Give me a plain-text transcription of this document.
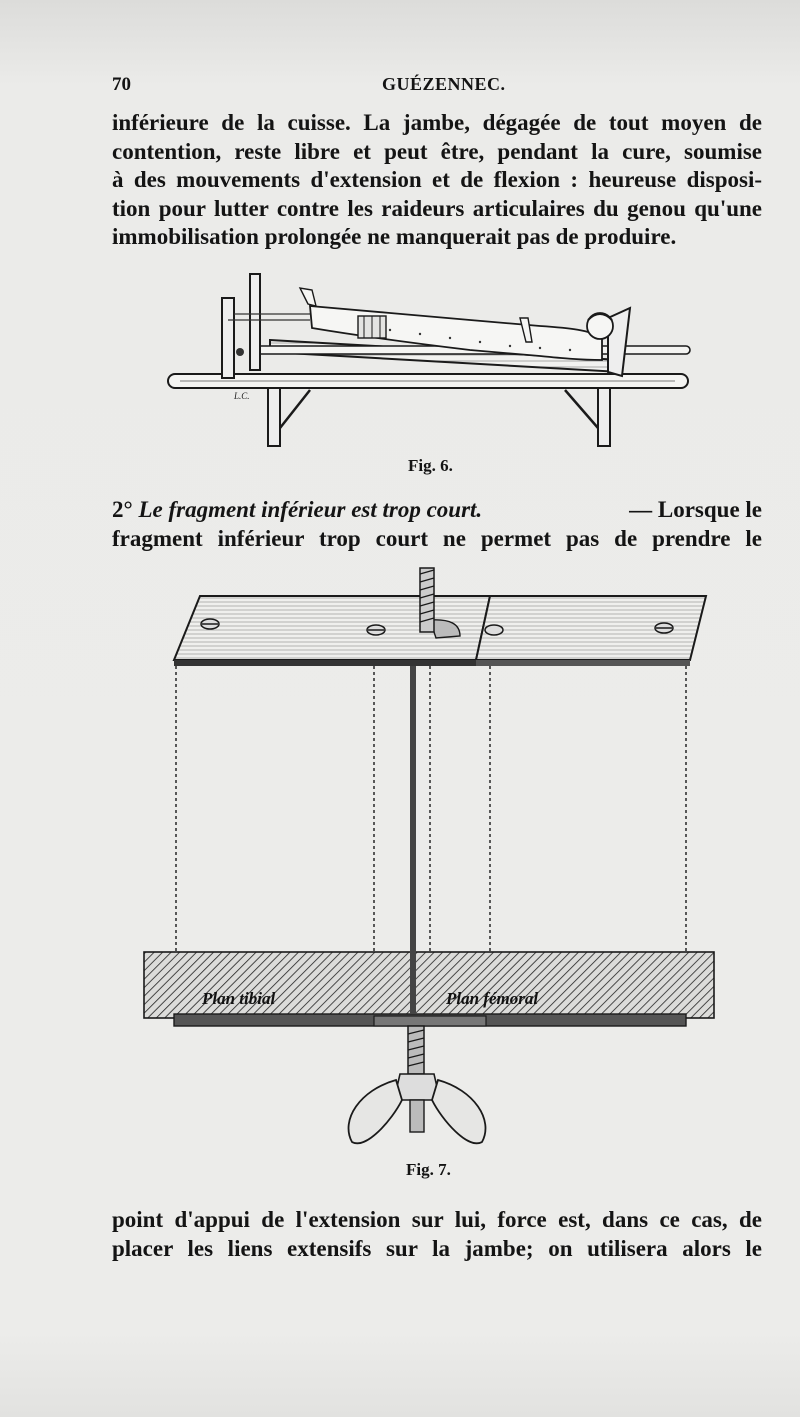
70	GUÉZENNEC.
inférieure de la cuisse. La jambe, dégagée de tout moyen de
contention, reste libre et peut être, pendant la cure, soumise
à des mouvements d'extension et de flexion : heureuse disposi-
tion pour lutter contre les raideurs articulaires du genou qu'une
immobilisation prolongée ne manquerait pas de produire.
L.C.
Fig. 6.
2° Le fragment inférieur est trop court.	— Lorsque le
fragment inférieur trop court ne permet pas de prendre le
Plan tibial	Plan fémoral
Fig. 7.
point d'appui de l'extension sur lui, force est, dans ce cas, de
placer les liens extensifs sur la jambe; on utilisera alors le
